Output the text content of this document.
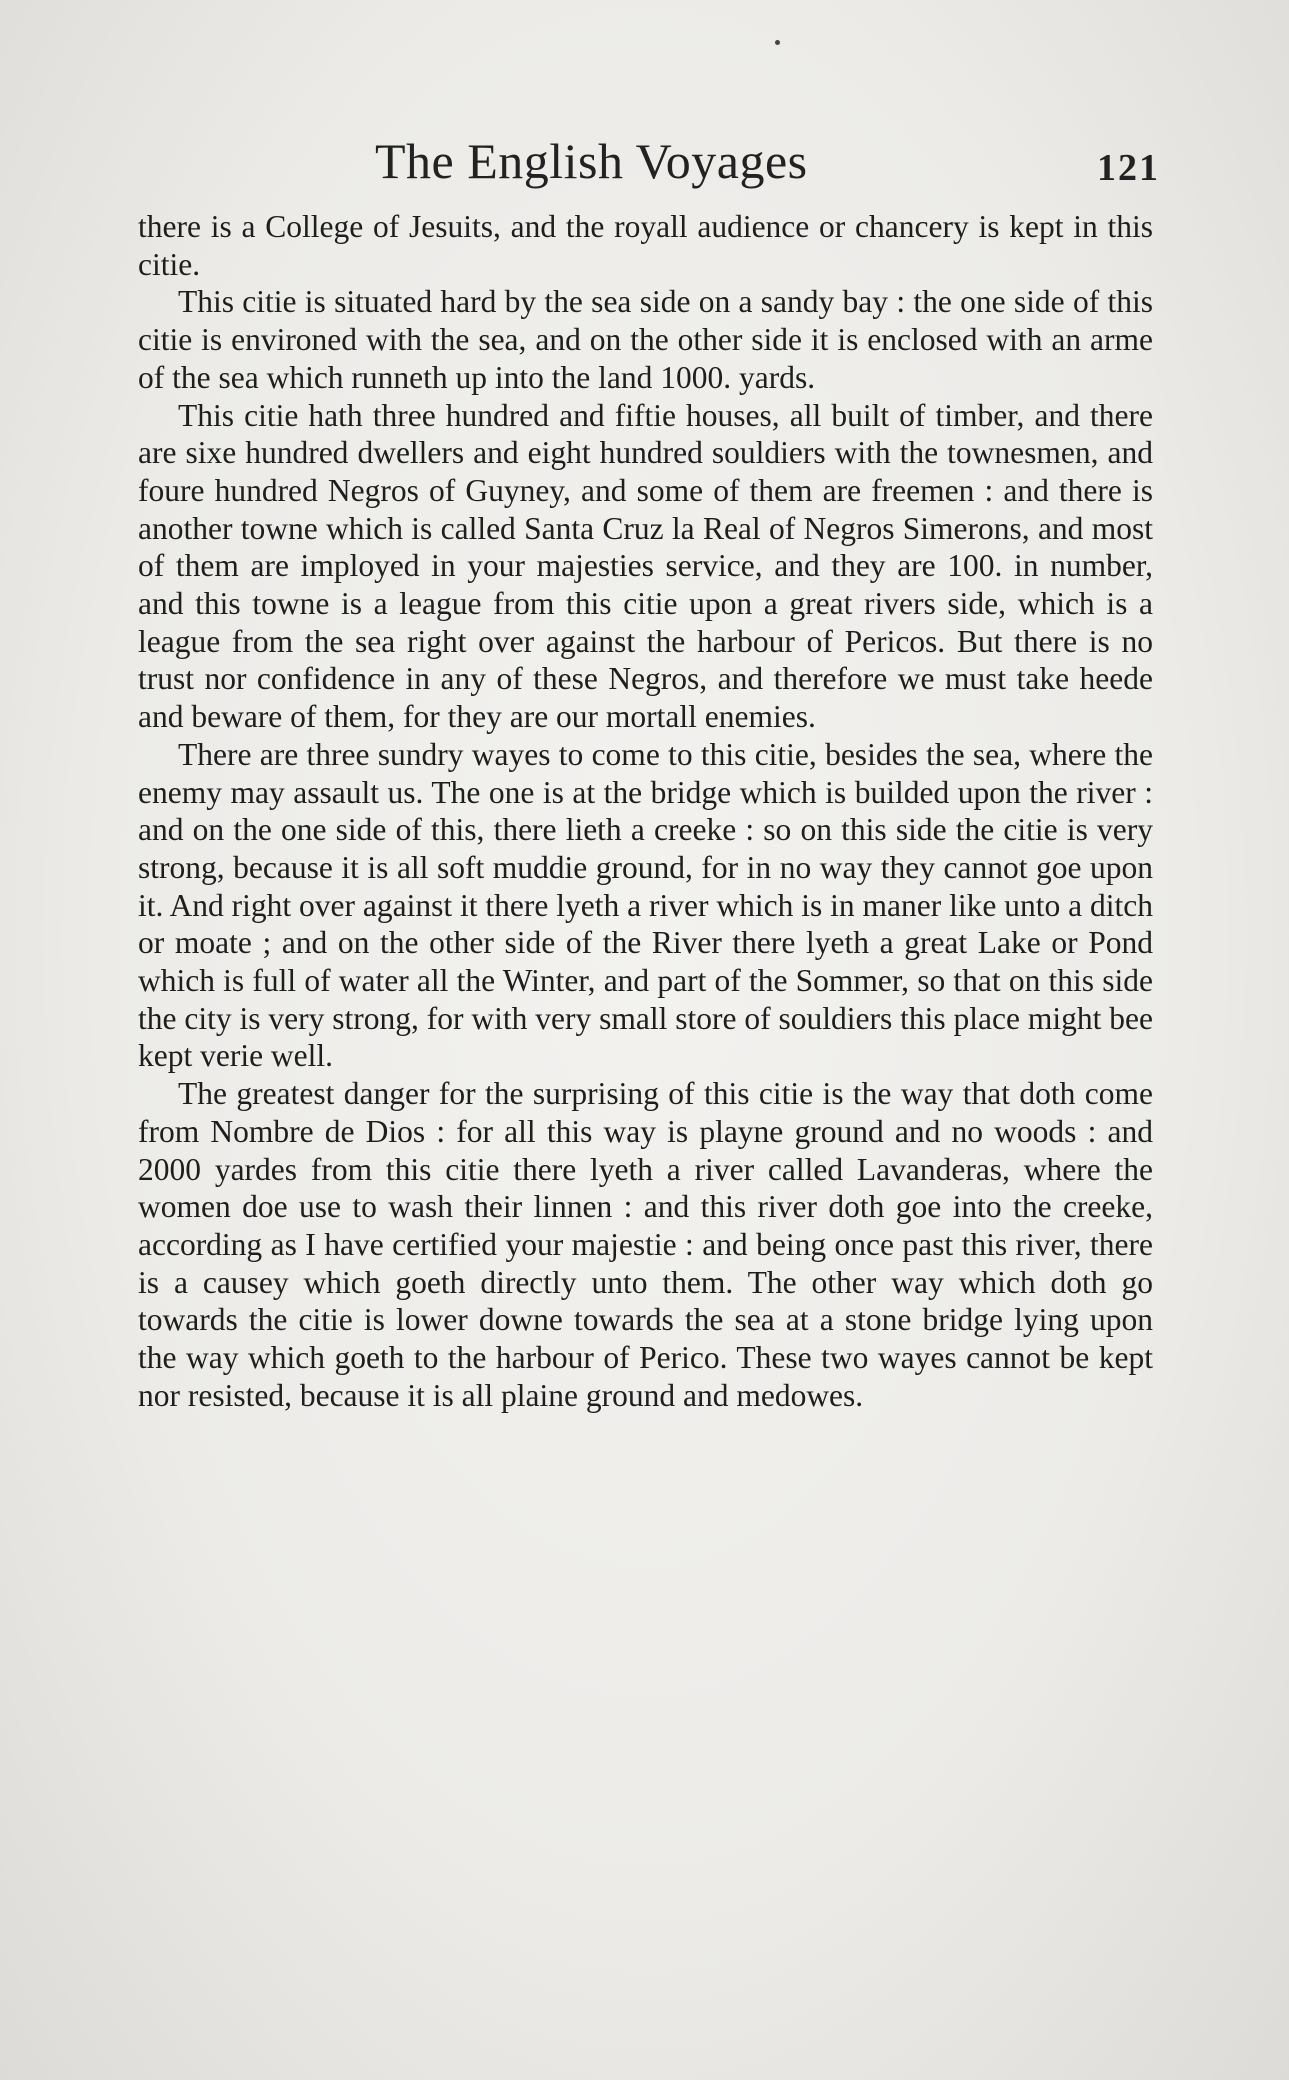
The English Voyages	121

there is a College of Jesuits, and the royall audience or chancery is kept in this citie.

This citie is situated hard by the sea side on a sandy bay : the one side of this citie is environed with the sea, and on the other side it is enclosed with an arme of the sea which runneth up into the land 1000. yards.

This citie hath three hundred and fiftie houses, all built of timber, and there are sixe hundred dwellers and eight hundred souldiers with the townesmen, and foure hundred Negros of Guyney, and some of them are freemen : and there is another towne which is called Santa Cruz la Real of Negros Simerons, and most of them are imployed in your majesties service, and they are 100. in number, and this towne is a league from this citie upon a great rivers side, which is a league from the sea right over against the harbour of Pericos. But there is no trust nor confidence in any of these Negros, and therefore we must take heede and beware of them, for they are our mortall enemies.

There are three sundry wayes to come to this citie, besides the sea, where the enemy may assault us. The one is at the bridge which is builded upon the river : and on the one side of this, there lieth a creeke : so on this side the citie is very strong, because it is all soft muddie ground, for in no way they cannot goe upon it. And right over against it there lyeth a river which is in maner like unto a ditch or moate ; and on the other side of the River there lyeth a great Lake or Pond which is full of water all the Winter, and part of the Sommer, so that on this side the city is very strong, for with very small store of souldiers this place might bee kept verie well.

The greatest danger for the surprising of this citie is the way that doth come from Nombre de Dios : for all this way is playne ground and no woods : and 2000 yardes from this citie there lyeth a river called Lavanderas, where the women doe use to wash their linnen : and this river doth goe into the creeke, according as I have certified your majestie : and being once past this river, there is a causey which goeth directly unto them. The other way which doth go towards the citie is lower downe towards the sea at a stone bridge lying upon the way which goeth to the harbour of Perico. These two wayes cannot be kept nor resisted, because it is all plaine ground and medowes.
